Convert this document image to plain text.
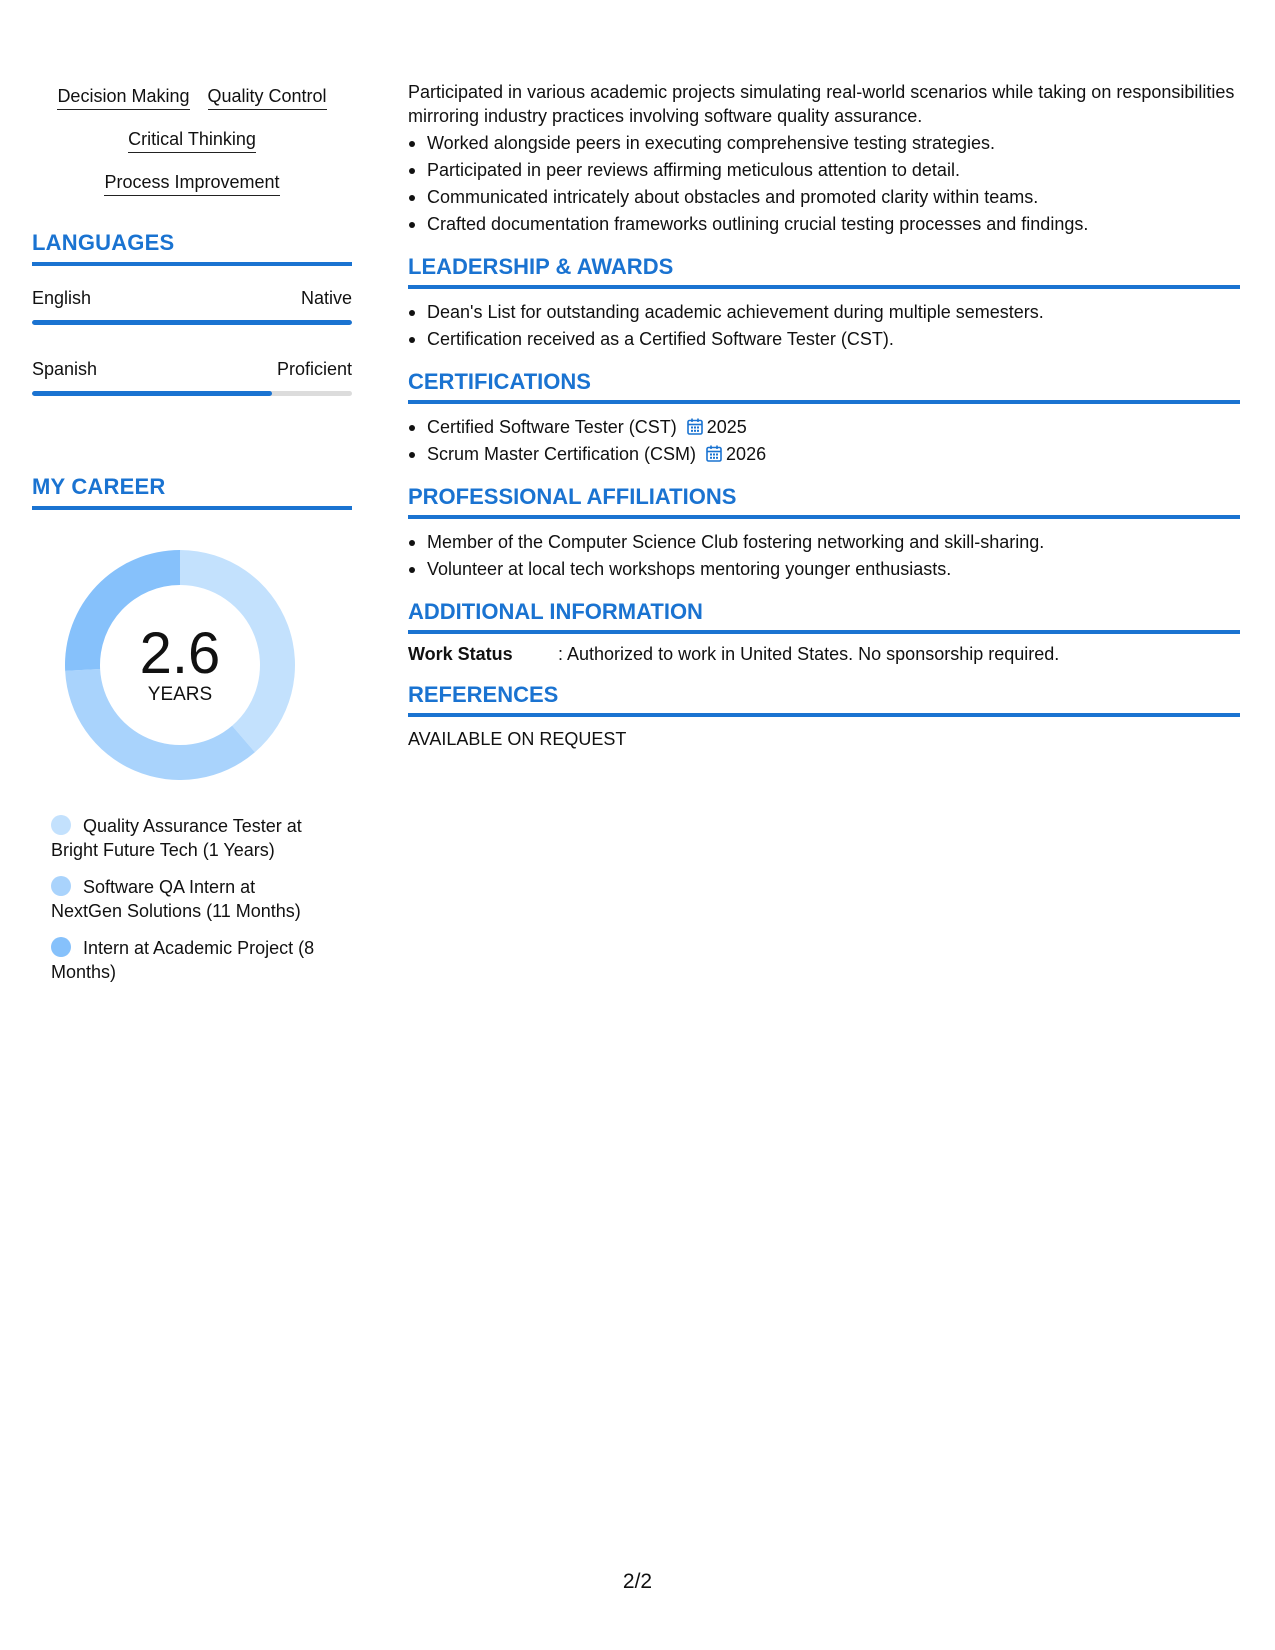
Decision Making Quality Control
Critical Thinking
Process Improvement
LANGUAGES
English	Native
Spanish	Proficient
MY CAREER
2.6
YEARS
Quality Assurance Tester at Bright Future Tech (1 Years)
Software QA Intern at NextGen Solutions (11 Months)
Intern at Academic Project (8 Months)

Participated in various academic projects simulating real-world scenarios while taking on responsibilities mirroring industry practices involving software quality assurance.

Worked alongside peers in executing comprehensive testing strategies.
Participated in peer reviews affirming meticulous attention to detail.
Communicated intricately about obstacles and promoted clarity within teams.
Crafted documentation frameworks outlining crucial testing processes and findings.
LEADERSHIP & AWARDS
Dean's List for outstanding academic achievement during multiple semesters.
Certification received as a Certified Software Tester (CST).
CERTIFICATIONS
Certified Software Tester (CST) 2025
Scrum Master Certification (CSM) 2026
PROFESSIONAL AFFILIATIONS
Member of the Computer Science Club fostering networking and skill-sharing.
Volunteer at local tech workshops mentoring younger enthusiasts.
ADDITIONAL INFORMATION
Work Status	: Authorized to work in United States. No sponsorship required.
REFERENCES
AVAILABLE ON REQUEST
2/2
